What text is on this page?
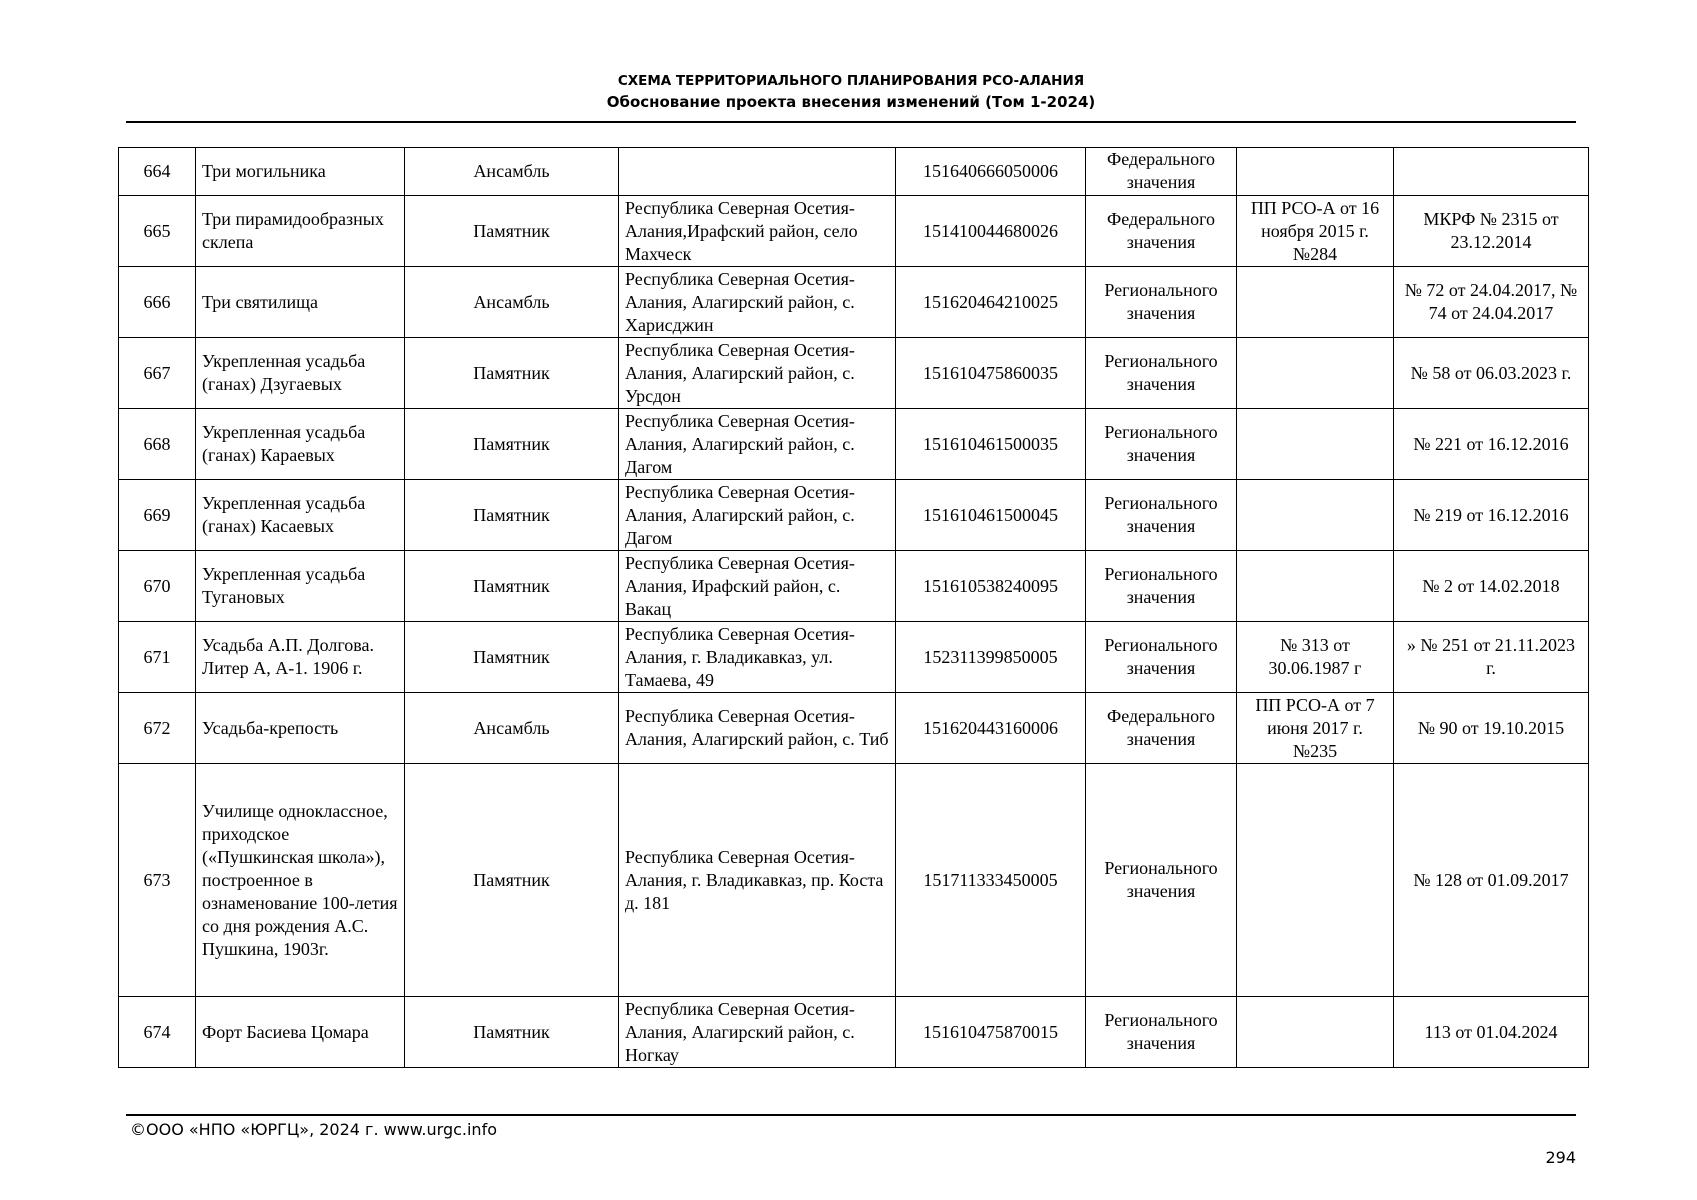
СХЕМА ТЕРРИТОРИАЛЬНОГО ПЛАНИРОВАНИЯ РСО-АЛАНИЯ
Обоснование проекта внесения изменений (Том 1-2024)
664	Три могильника	Ансамбль		151640666050006	Федерального значения		
665	Три пирамидообразных склепа	Памятник	Республика Северная Осетия-Алания,Ирафский район, село Махческ	151410044680026	Федерального значения	ПП РСО-А от 16 ноября 2015 г. №284	МКРФ № 2315 от 23.12.2014
666	Три святилища	Ансамбль	Республика Северная Осетия-Алания, Алагирский район, с. Харисджин	151620464210025	Регионального значения		№ 72 от 24.04.2017, № 74 от 24.04.2017
667	Укрепленная усадьба (ганах) Дзугаевых	Памятник	Республика Северная Осетия-Алания, Алагирский район, с. Урсдон	151610475860035	Регионального значения		№ 58 от 06.03.2023 г.
668	Укрепленная усадьба (ганах) Караевых	Памятник	Республика Северная Осетия-Алания, Алагирский район, с. Дагом	151610461500035	Регионального значения		№ 221 от 16.12.2016
669	Укрепленная усадьба (ганах) Касаевых	Памятник	Республика Северная Осетия-Алания, Алагирский район, с. Дагом	151610461500045	Регионального значения		№ 219 от 16.12.2016
670	Укрепленная усадьба Тугановых	Памятник	Республика Северная Осетия-Алания, Ирафский район, с. Вакац	151610538240095	Регионального значения		№ 2 от 14.02.2018
671	Усадьба А.П. Долгова. Литер А, А-1. 1906 г.	Памятник	Республика Северная Осетия-Алания, г. Владикавказ, ул. Тамаева, 49	152311399850005	Регионального значения	№ 313 от 30.06.1987 г	» № 251 от 21.11.2023 г.
672	Усадьба-крепость	Ансамбль	Республика Северная Осетия-Алания, Алагирский район, с. Тиб	151620443160006	Федерального значения	ПП РСО-А от 7 июня 2017 г. №235	№ 90 от 19.10.2015
673	Училище одноклассное, приходское («Пушкинская школа»), построенное в ознаменование 100-летия со дня рождения А.С. Пушкина, 1903г.	Памятник	Республика Северная Осетия-Алания, г. Владикавказ, пр. Коста д. 181	151711333450005	Регионального значения		№ 128 от 01.09.2017
674	Форт Басиева Цомара	Памятник	Республика Северная Осетия-Алания, Алагирский район, с. Ногкау	151610475870015	Регионального значения		113 от 01.04.2024
©ООО «НПО «ЮРГЦ», 2024 г. www.urgc.info
294
